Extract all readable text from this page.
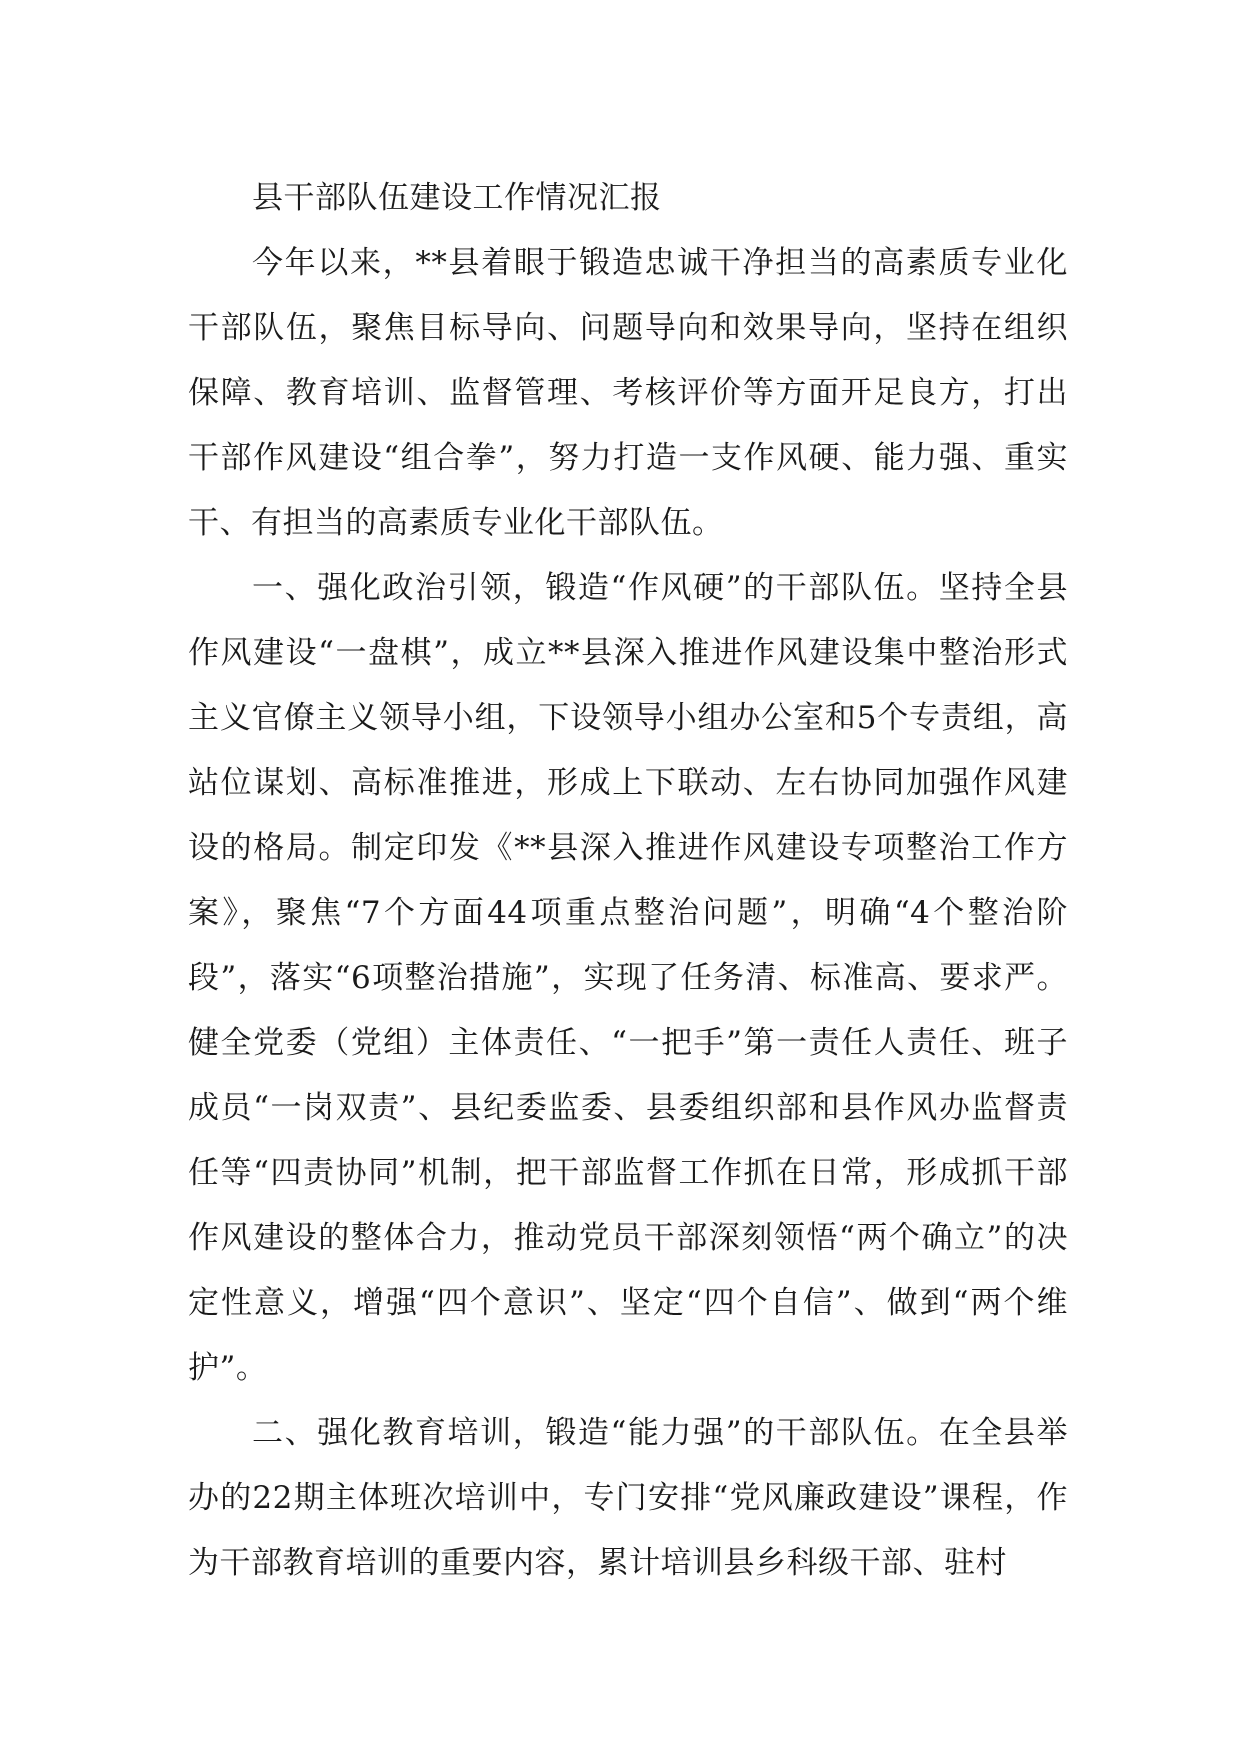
县干部队伍建设工作情况汇报

今年以来，**县着眼于锻造忠诚干净担当的高素质专业化干部队伍，聚焦目标导向、问题导向和效果导向，坚持在组织保障、教育培训、监督管理、考核评价等方面开足良方，打出干部作风建设“组合拳”，努力打造一支作风硬、能力强、重实干、有担当的高素质专业化干部队伍。

一、强化政治引领，锻造“作风硬”的干部队伍。坚持全县作风建设“一盘棋”，成立**县深入推进作风建设集中整治形式主义官僚主义领导小组，下设领导小组办公室和5个专责组，高站位谋划、高标准推进，形成上下联动、左右协同加强作风建设的格局。制定印发《**县深入推进作风建设专项整治工作方案》，聚焦“7个方面44项重点整治问题”，明确“4个整治阶段”，落实“6项整治措施”，实现了任务清、标准高、要求严。健全党委（党组）主体责任、“一把手”第一责任人责任、班子成员“一岗双责”、县纪委监委、县委组织部和县作风办监督责任等“四责协同”机制，把干部监督工作抓在日常，形成抓干部作风建设的整体合力，推动党员干部深刻领悟“两个确立”的决定性意义，增强“四个意识”、坚定“四个自信”、做到“两个维护”。

二、强化教育培训，锻造“能力强”的干部队伍。在全县举办的22期主体班次培训中，专门安排“党风廉政建设”课程，作为干部教育培训的重要内容，累计培训县乡科级干部、驻村
